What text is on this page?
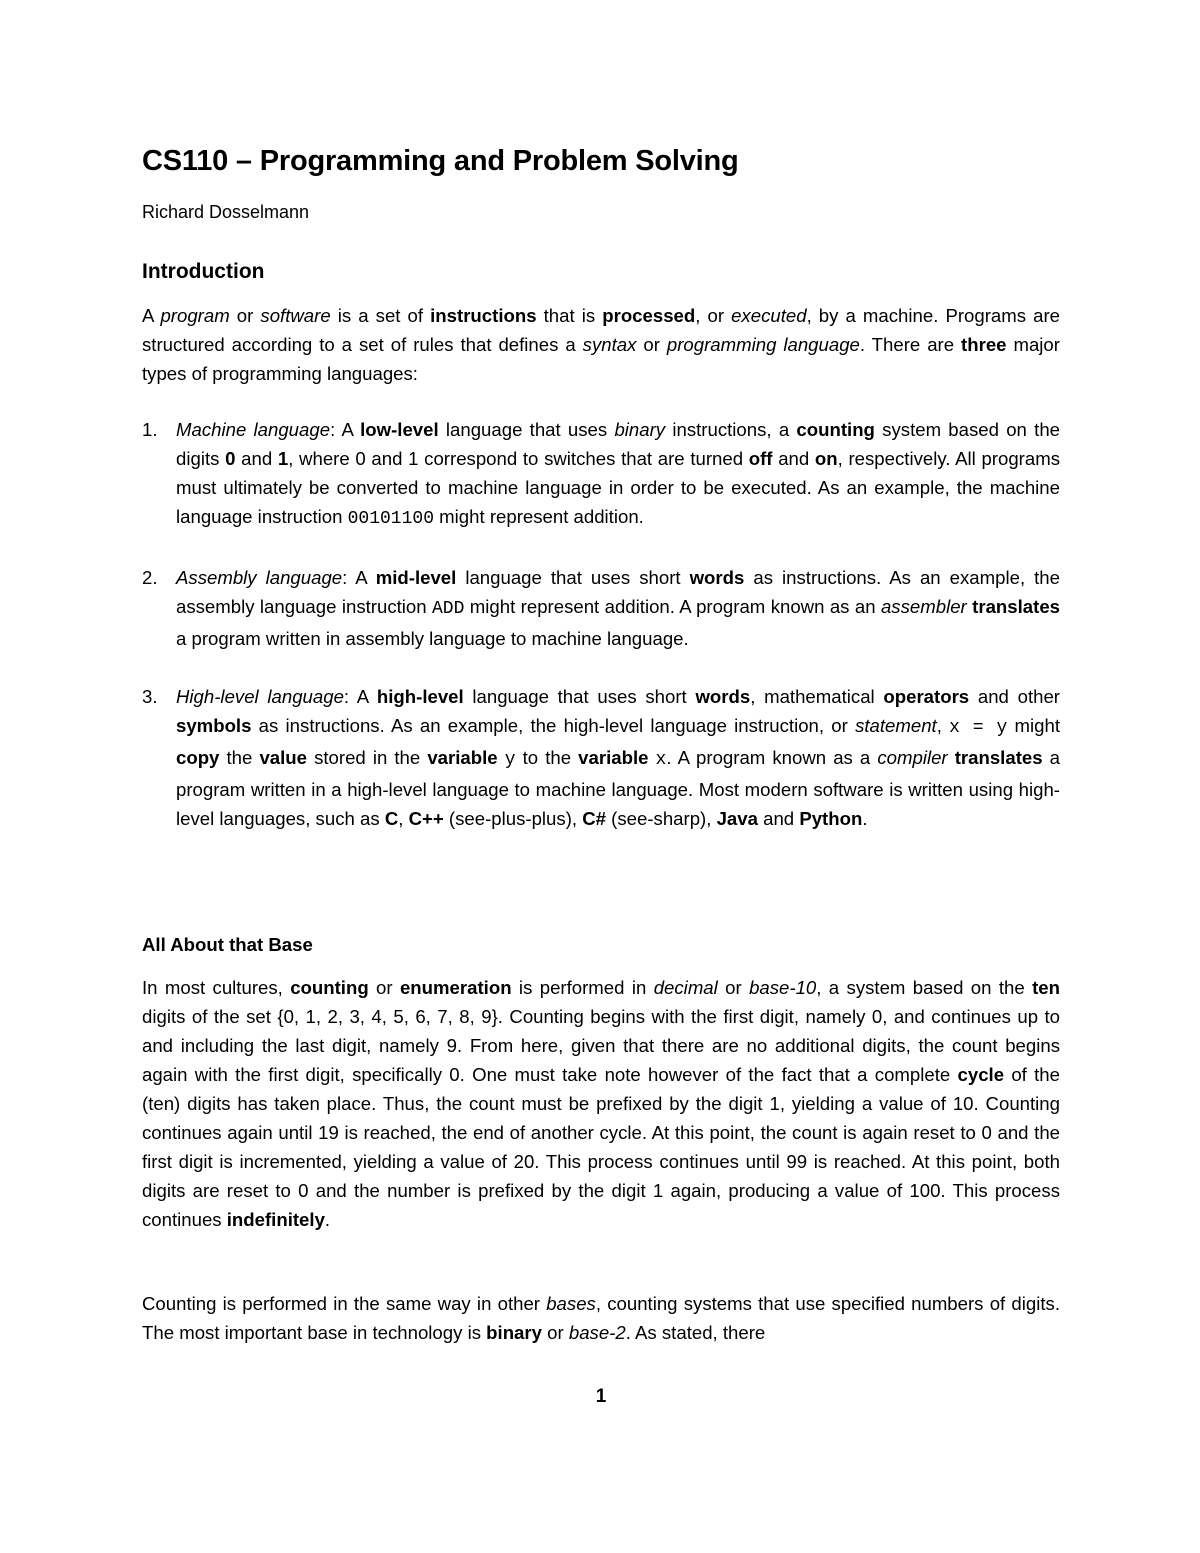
CS110 – Programming and Problem Solving

Richard Dosselmann

Introduction

A program or software is a set of instructions that is processed, or executed, by a machine. Programs are structured according to a set of rules that defines a syntax or programming language. There are three major types of programming languages:

1. Machine language: A low-level language that uses binary instructions, a counting system based on the digits 0 and 1, where 0 and 1 correspond to switches that are turned off and on, respectively. All programs must ultimately be converted to machine language in order to be executed. As an example, the machine language instruction 00101100 might represent addition.
2. Assembly language: A mid-level language that uses short words as instructions. As an example, the assembly language instruction ADD might represent addition. A program known as an assembler translates a program written in assembly language to machine language.
3. High-level language: A high-level language that uses short words, mathematical operators and other symbols as instructions. As an example, the high-level language instruction, or statement, x = y might copy the value stored in the variable y to the variable x. A program known as a compiler translates a program written in a high-level language to machine language. Most modern software is written using high-level languages, such as C, C++ (see-plus-plus), C# (see-sharp), Java and Python.
All About that Base

In most cultures, counting or enumeration is performed in decimal or base-10, a system based on the ten digits of the set {0, 1, 2, 3, 4, 5, 6, 7, 8, 9}. Counting begins with the first digit, namely 0, and continues up to and including the last digit, namely 9. From here, given that there are no additional digits, the count begins again with the first digit, specifically 0. One must take note however of the fact that a complete cycle of the (ten) digits has taken place. Thus, the count must be prefixed by the digit 1, yielding a value of 10. Counting continues again until 19 is reached, the end of another cycle. At this point, the count is again reset to 0 and the first digit is incremented, yielding a value of 20. This process continues until 99 is reached. At this point, both digits are reset to 0 and the number is prefixed by the digit 1 again, producing a value of 100. This process continues indefinitely.

Counting is performed in the same way in other bases, counting systems that use specified numbers of digits. The most important base in technology is binary or base-2. As stated, there

1
